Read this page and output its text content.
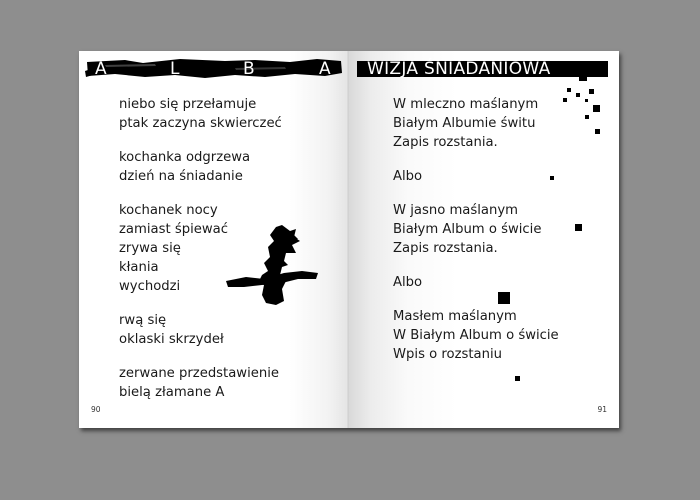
A	L	B	A
niebo się przełamuje
ptak zaczyna skwierczeć
kochanka odgrzewa
dzień na śniadanie
kochanek nocy
zamiast śpiewać
zrywa się
kłania
wychodzi
rwą się
oklaski skrzydeł
zerwane przedstawienie
bielą złamane A
90
WIZJA ŚNIADANIOWA
W mleczno maślanym
Białym Albumie świtu
Zapis rozstania.
Albo
W jasno maślanym
Białym Album o świcie
Zapis rozstania.
Albo
Masłem maślanym
W Białym Album o świcie
Wpis o rozstaniu
91
